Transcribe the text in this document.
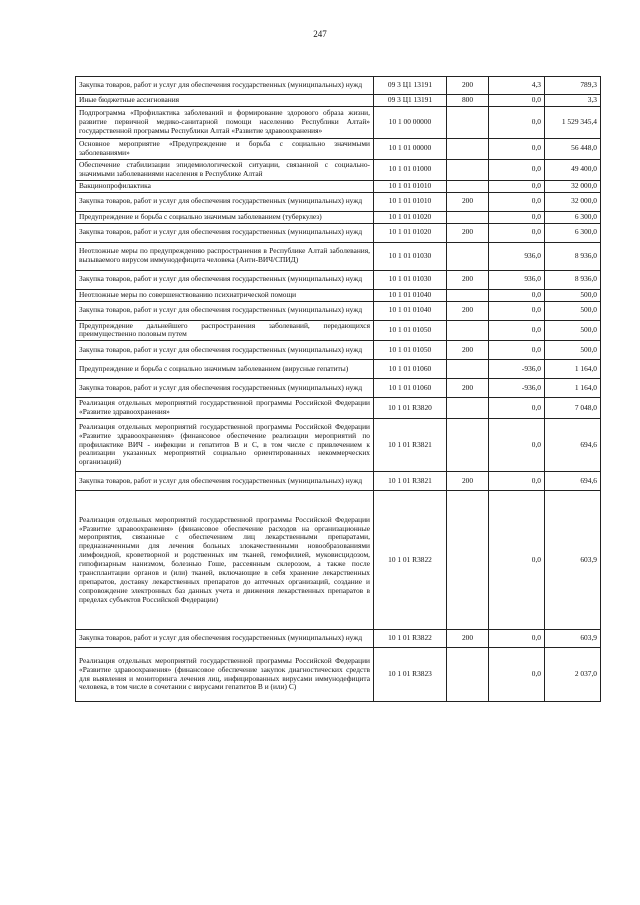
247
Закупка товаров, работ и услуг для обеспечения государственных (муниципальных) нужд	09 3 Ц1 13191	200	4,3	789,3
Иные бюджетные ассигнования	09 3 Ц1 13191	800	0,0	3,3
Подпрограмма «Профилактика заболеваний и формирование здорового образа жизни, развитие первичной медико-санитарной помощи населению Республики Алтай» государственной программы Республики Алтай «Развитие здравоохранения»	10 1 00 00000		0,0	1 529 345,4
Основное мероприятие «Предупреждение и борьба с социально значимыми заболеваниями»	10 1 01 00000		0,0	56 448,0
Обеспечение стабилизации эпидемиологической ситуации, связанной с социально-значимыми заболеваниями населения в Республике Алтай	10 1 01 01000		0,0	49 400,0
Вакцинопрофилактика	10 1 01 01010		0,0	32 000,0
Закупка товаров, работ и услуг для обеспечения государственных (муниципальных) нужд	10 1 01 01010	200	0,0	32 000,0
Предупреждение и борьба с социально значимым заболеванием (туберкулез)	10 1 01 01020		0,0	6 300,0
Закупка товаров, работ и услуг для обеспечения государственных (муниципальных) нужд	10 1 01 01020	200	0,0	6 300,0
Неотложные меры по предупреждению распространения в Республике Алтай заболевания, вызываемого вирусом иммунодефицита человека (Анти-ВИЧ/СПИД)	10 1 01 01030		936,0	8 936,0
Закупка товаров, работ и услуг для обеспечения государственных (муниципальных) нужд	10 1 01 01030	200	936,0	8 936,0
Неотложные меры по совершенствованию психиатрической помощи	10 1 01 01040		0,0	500,0
Закупка товаров, работ и услуг для обеспечения государственных (муниципальных) нужд	10 1 01 01040	200	0,0	500,0
Предупреждение дальнейшего распространения заболеваний, передающихся преимущественно половым путем	10 1 01 01050		0,0	500,0
Закупка товаров, работ и услуг для обеспечения государственных (муниципальных) нужд	10 1 01 01050	200	0,0	500,0
Предупреждение и борьба с социально значимым заболеванием (вирусные гепатиты)	10 1 01 01060		-936,0	1 164,0
Закупка товаров, работ и услуг для обеспечения государственных (муниципальных) нужд	10 1 01 01060	200	-936,0	1 164,0
Реализация отдельных мероприятий государственной программы Российской Федерации «Развитие здравоохранения»	10 1 01 R3820		0,0	7 048,0
Реализация отдельных мероприятий государственной программы Российской Федерации «Развитие здравоохранения» (финансовое обеспечение реализации мероприятий по профилактике ВИЧ - инфекции и гепатитов В и С, в том числе с привлечением к реализации указанных мероприятий социально ориентированных некоммерческих организаций)	10 1 01 R3821		0,0	694,6
Закупка товаров, работ и услуг для обеспечения государственных (муниципальных) нужд	10 1 01 R3821	200	0,0	694,6
Реализация отдельных мероприятий государственной программы Российской Федерации «Развитие здравоохранения» (финансовое обеспечение расходов на организационные мероприятия, связанные с обеспечением лиц лекарственными препаратами, предназначенными для лечения больных злокачественными новообразованиями лимфоидной, кроветворной и родственных им тканей, гемофилией, муковисцидозом, гипофизарным нанизмом, болезнью Гоше, рассеянным склерозом, а также после трансплантации органов и (или) тканей, включающие в себя хранение лекарственных препаратов, доставку лекарственных препаратов до аптечных организаций, создание и сопровождение электронных баз данных учета и движения лекарственных препаратов в пределах субъектов Российской Федерации)	10 1 01 R3822		0,0	603,9
Закупка товаров, работ и услуг для обеспечения государственных (муниципальных) нужд	10 1 01 R3822	200	0,0	603,9
Реализация отдельных мероприятий государственной программы Российской Федерации «Развитие здравоохранения» (финансовое обеспечение закупок диагностических средств для выявления и мониторинга лечения лиц, инфицированных вирусами иммунодефицита человека, в том числе в сочетании с вирусами гепатитов В и (или) С)	10 1 01 R3823		0,0	2 037,0
